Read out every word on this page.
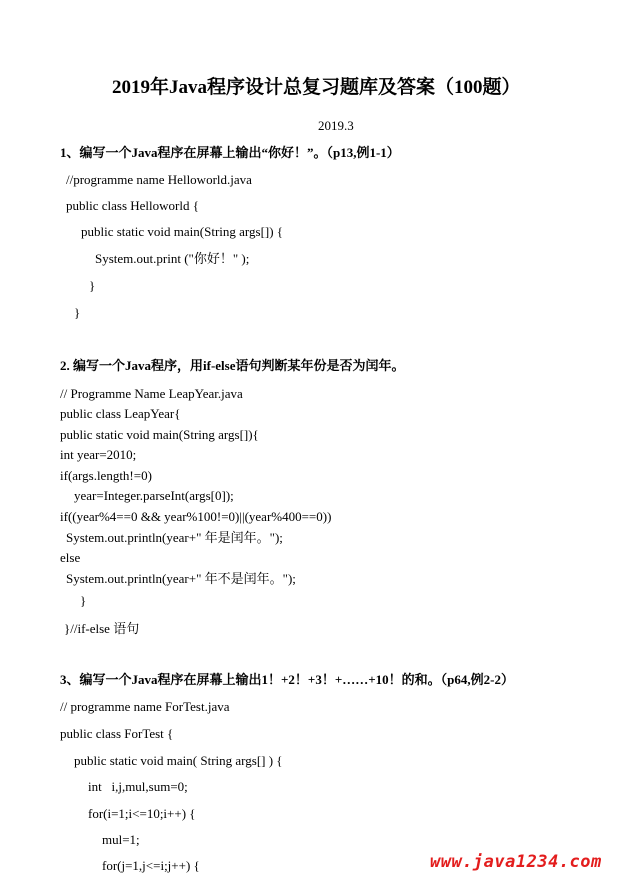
2019年Java程序设计总复习题库及答案（100题）
2019.3
1、编写一个Java程序在屏幕上输出“你好！”。（p13,例1-1）
//programme name Helloworld.java
public class Helloworld {
public static void main(String args[]) {
System.out.print ("你好！" );
}
}
2. 编写一个Java程序，用if-else语句判断某年份是否为闰年。
// Programme Name LeapYear.java
public class LeapYear{
public static void main(String args[]){
int year=2010;
if(args.length!=0)
year=Integer.parseInt(args[0]);
if((year%4==0 && year%100!=0)||(year%400==0))
System.out.println(year+" 年是闰年。");
else
System.out.println(year+" 年不是闰年。");
}
}//if-else 语句
3、编写一个Java程序在屏幕上输出1！+2！+3！+……+10！的和。（p64,例2-2）
// programme name ForTest.java
public class ForTest {
public static void main( String args[] ) {
int   i,j,mul,sum=0;
for(i=1;i<=10;i++) {
mul=1;
for(j=1,j<=i;j++) {	www.java1234.com
